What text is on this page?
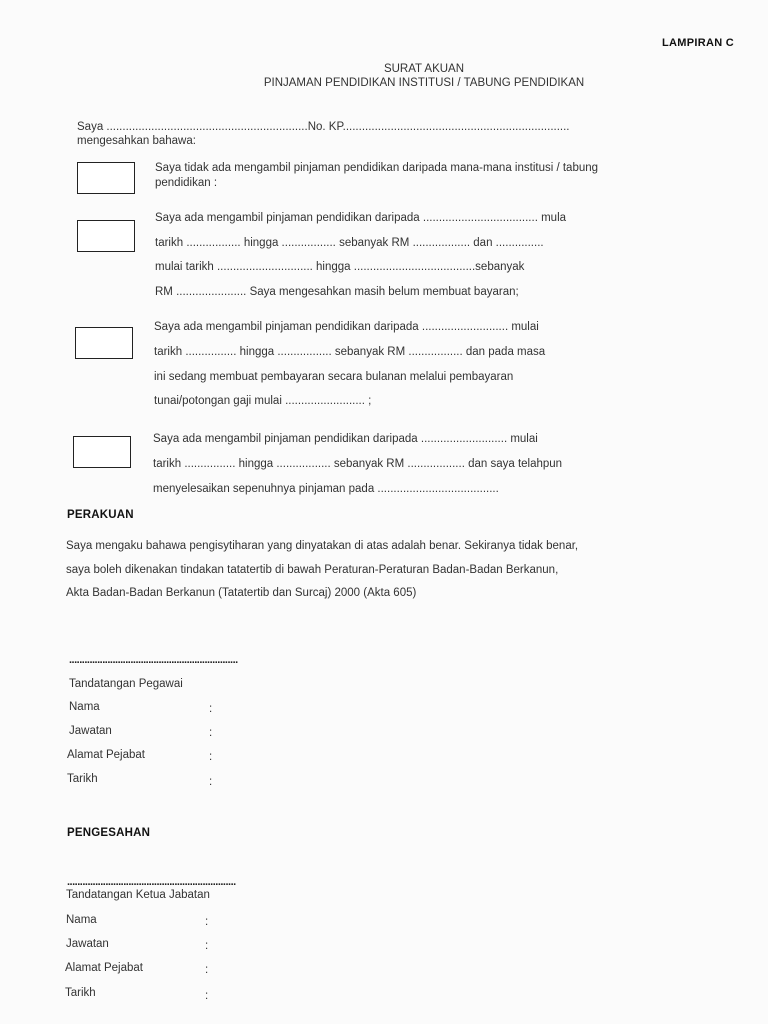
LAMPIRAN C
SURAT AKUAN
PINJAMAN PENDIDIKAN INSTITUSI / TABUNG PENDIDIKAN
Saya ...............................................................No. KP.......................................................................
mengesahkan bahawa:
Saya tidak ada mengambil pinjaman pendidikan daripada mana-mana institusi / tabung
pendidikan :
Saya ada mengambil pinjaman pendidikan daripada .................................... mula
tarikh ................. hingga ................. sebanyak RM .................. dan ...............
mulai tarikh .............................. hingga ......................................sebanyak
RM ...................... Saya mengesahkan masih belum membuat bayaran;
Saya ada mengambil pinjaman pendidikan daripada ........................... mulai
tarikh ................ hingga ................. sebanyak RM ................. dan pada masa
ini sedang membuat pembayaran secara bulanan melalui pembayaran
tunai/potongan gaji mulai ......................... ;
Saya ada mengambil pinjaman pendidikan daripada ........................... mulai
tarikh ................ hingga ................. sebanyak RM .................. dan saya telahpun
menyelesaikan sepenuhnya pinjaman pada ......................................
PERAKUAN
Saya mengaku bahawa pengisytiharan yang dinyatakan di atas adalah benar. Sekiranya tidak benar,
saya boleh dikenakan tindakan tatatertib di bawah Peraturan-Peraturan Badan-Badan Berkanun,
Akta Badan-Badan Berkanun (Tatatertib dan Surcaj) 2000 (Akta 605)
..................................................................
Tandatangan Pegawai
Nama	:
Jawatan	:
Alamat Pejabat	:
Tarikh	:
PENGESAHAN
..................................................................
Tandatangan Ketua Jabatan
Nama	:
Jawatan	:
Alamat Pejabat	:
Tarikh	:
